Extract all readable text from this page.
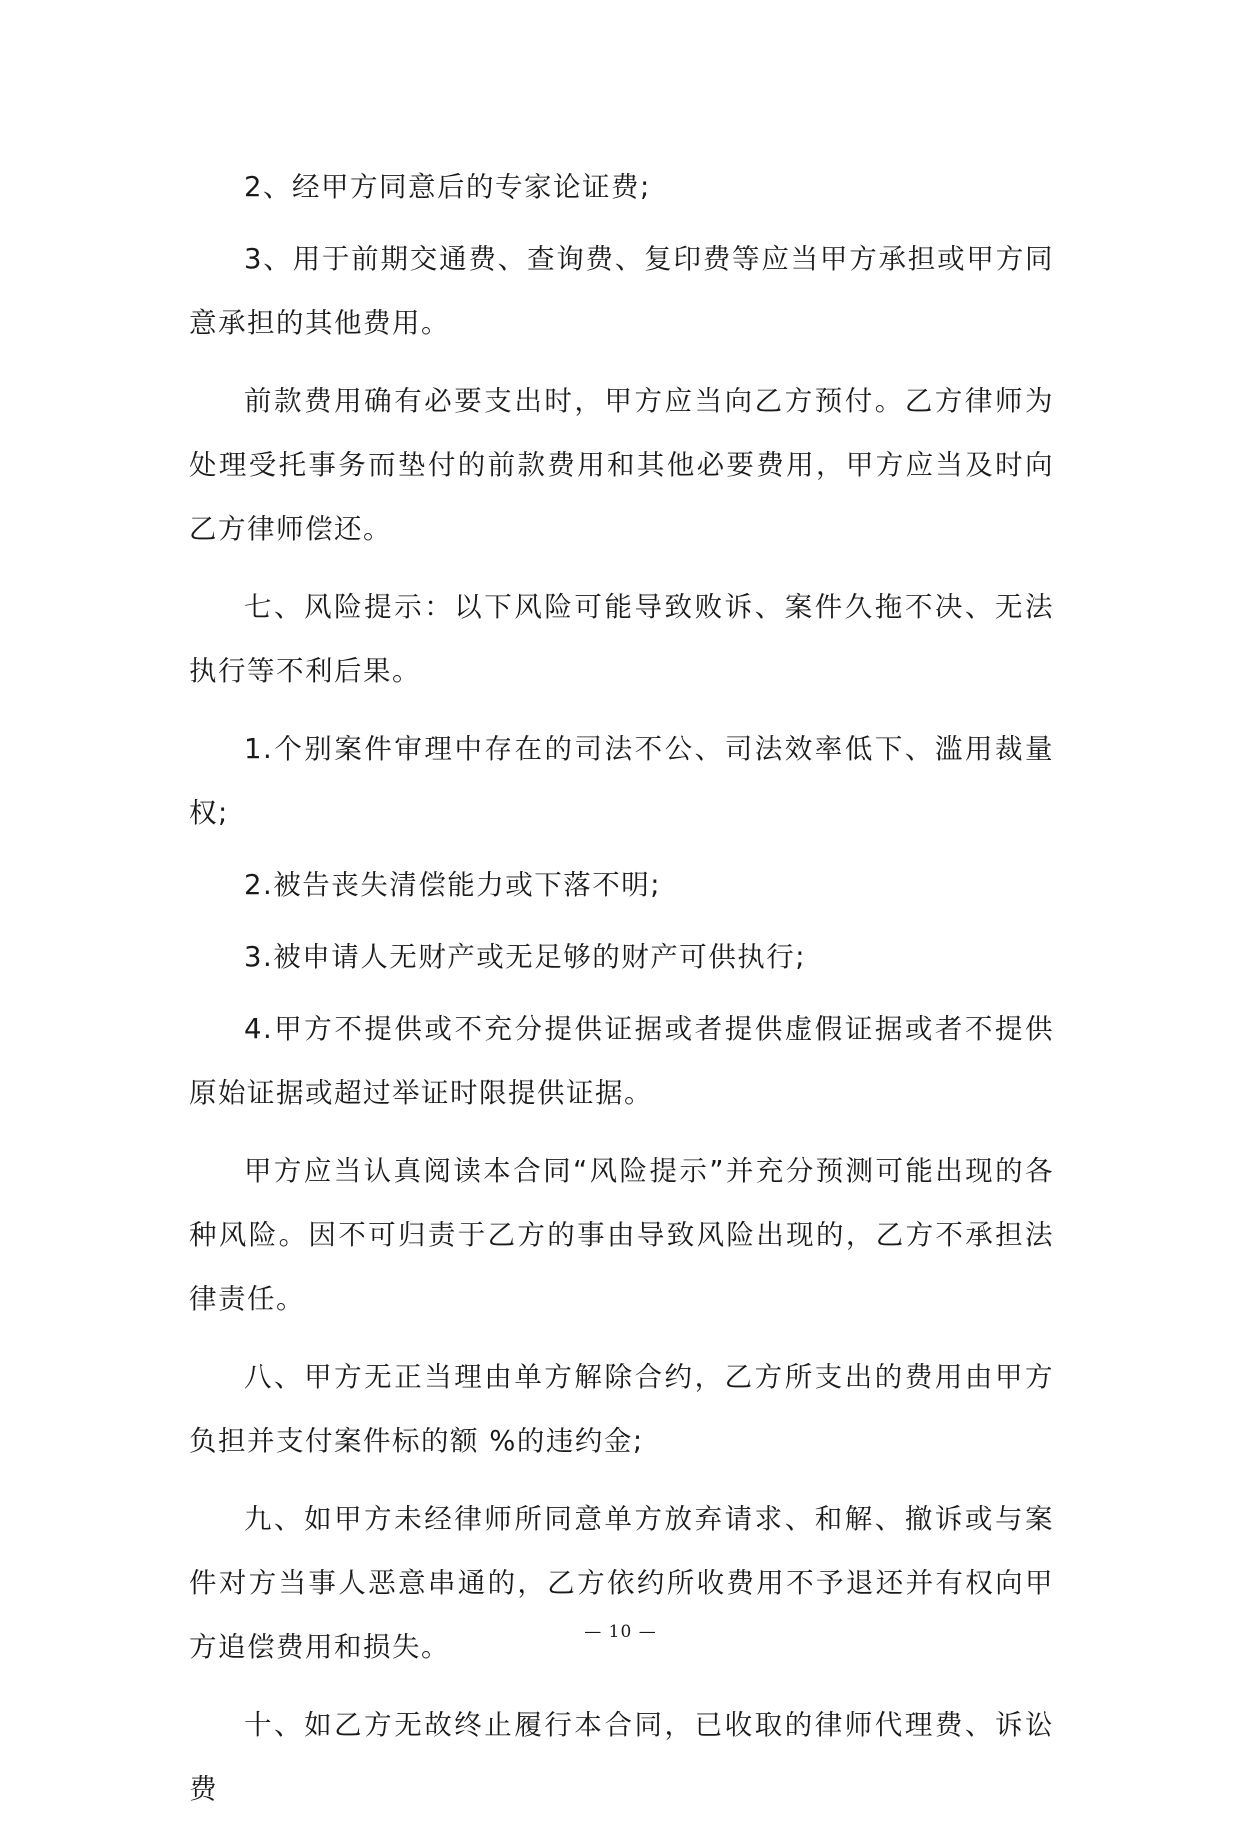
2、经甲方同意后的专家论证费;

3、用于前期交通费、查询费、复印费等应当甲方承担或甲方同意承担的其他费用。

前款费用确有必要支出时，甲方应当向乙方预付。乙方律师为处理受托事务而垫付的前款费用和其他必要费用，甲方应当及时向乙方律师偿还。

七、风险提示：以下风险可能导致败诉、案件久拖不决、无法执行等不利后果。

1.个别案件审理中存在的司法不公、司法效率低下、滥用裁量权;

2.被告丧失清偿能力或下落不明;

3.被申请人无财产或无足够的财产可供执行;

4.甲方不提供或不充分提供证据或者提供虚假证据或者不提供原始证据或超过举证时限提供证据。

甲方应当认真阅读本合同“风险提示”并充分预测可能出现的各种风险。因不可归责于乙方的事由导致风险出现的，乙方不承担法律责任。

八、甲方无正当理由单方解除合约，乙方所支出的费用由甲方负担并支付案件标的额 %的违约金;

九、如甲方未经律师所同意单方放弃请求、和解、撤诉或与案件对方当事人恶意串通的，乙方依约所收费用不予退还并有权向甲方追偿费用和损失。

十、如乙方无故终止履行本合同，已收取的律师代理费、诉讼费

— 10 —
